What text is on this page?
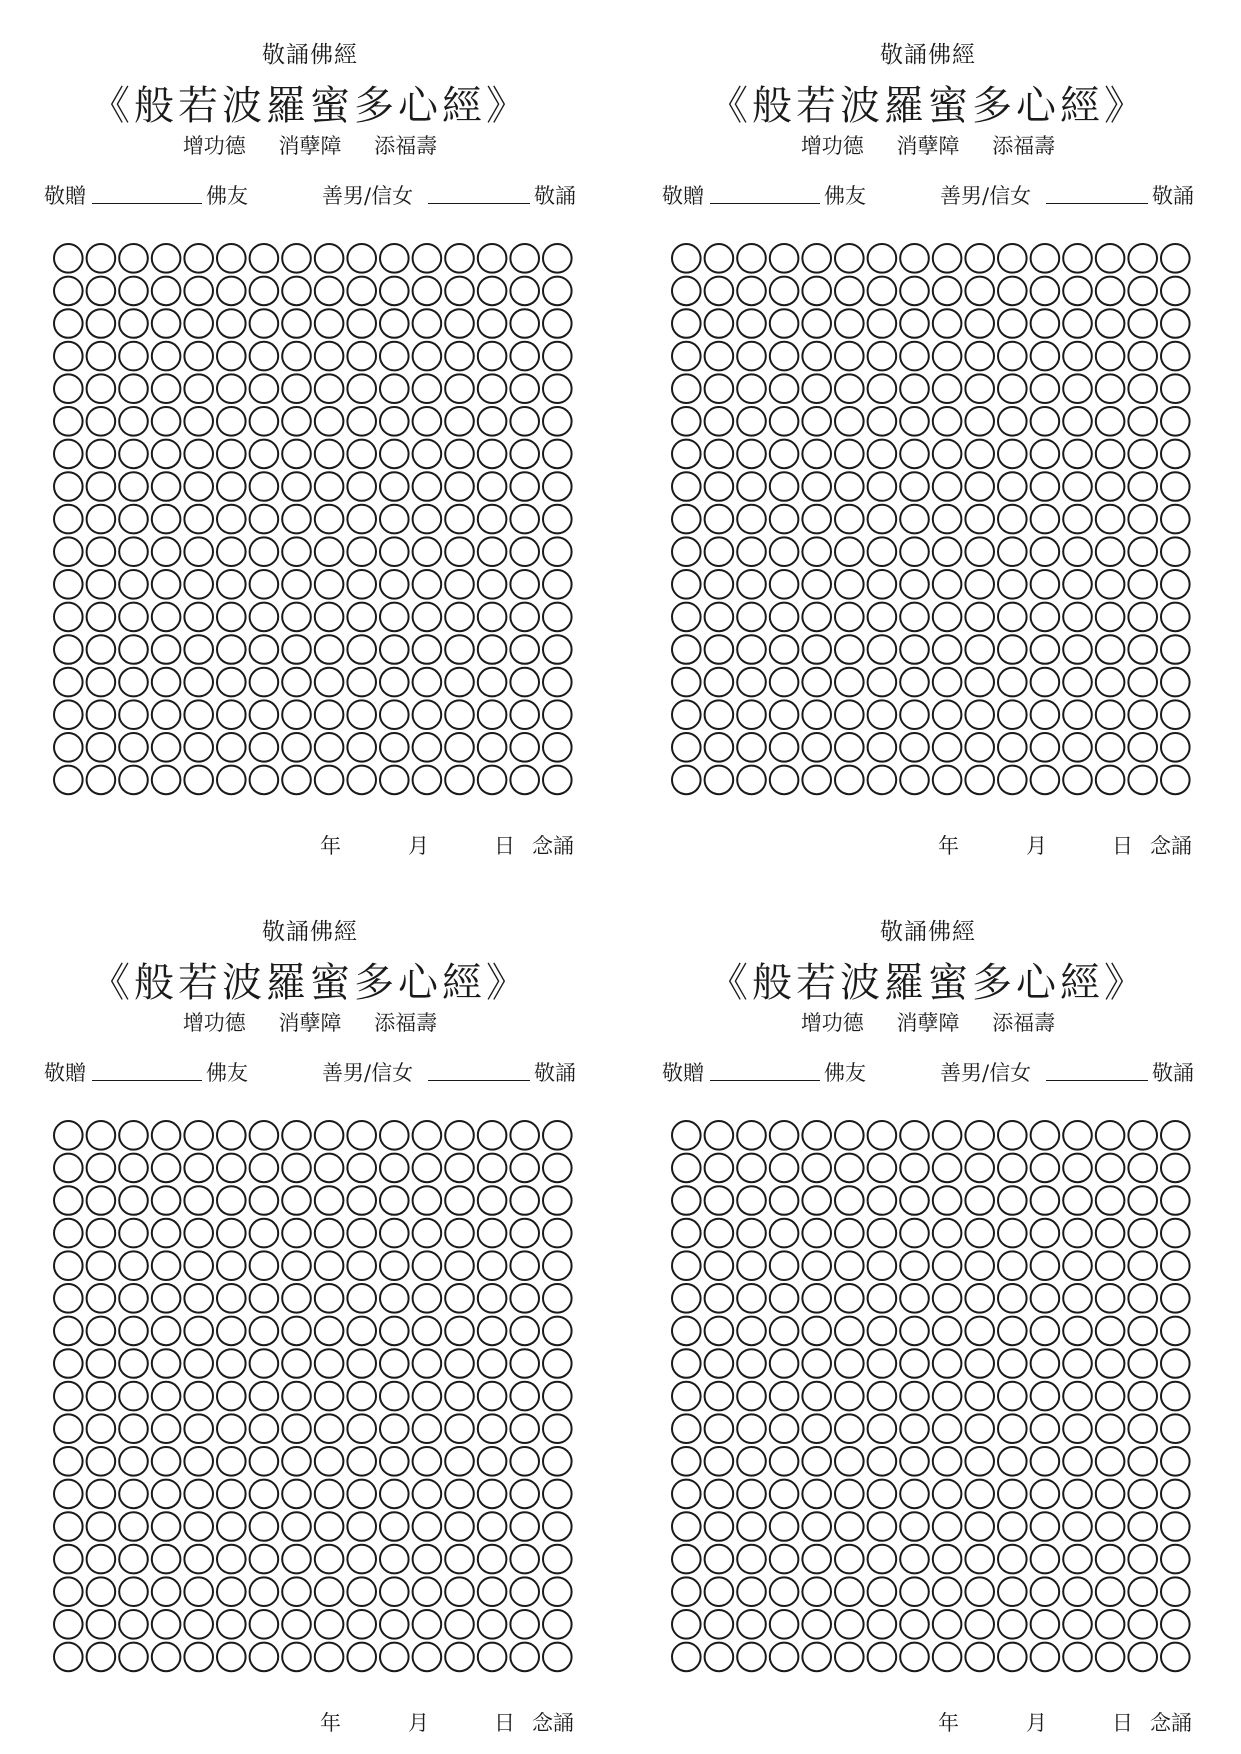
敬誦佛經
《般若波羅蜜多心經》
增功德 消孽障 添福壽
敬贈	佛友	善男/信女	敬誦
年	月	日 念誦
敬誦佛經
《般若波羅蜜多心經》
增功德 消孽障 添福壽
敬贈	佛友	善男/信女	敬誦
年	月	日 念誦
敬誦佛經
《般若波羅蜜多心經》
增功德 消孽障 添福壽
敬贈	佛友	善男/信女	敬誦
年	月	日 念誦
敬誦佛經
《般若波羅蜜多心經》
增功德 消孽障 添福壽
敬贈	佛友	善男/信女	敬誦
年	月	日 念誦
